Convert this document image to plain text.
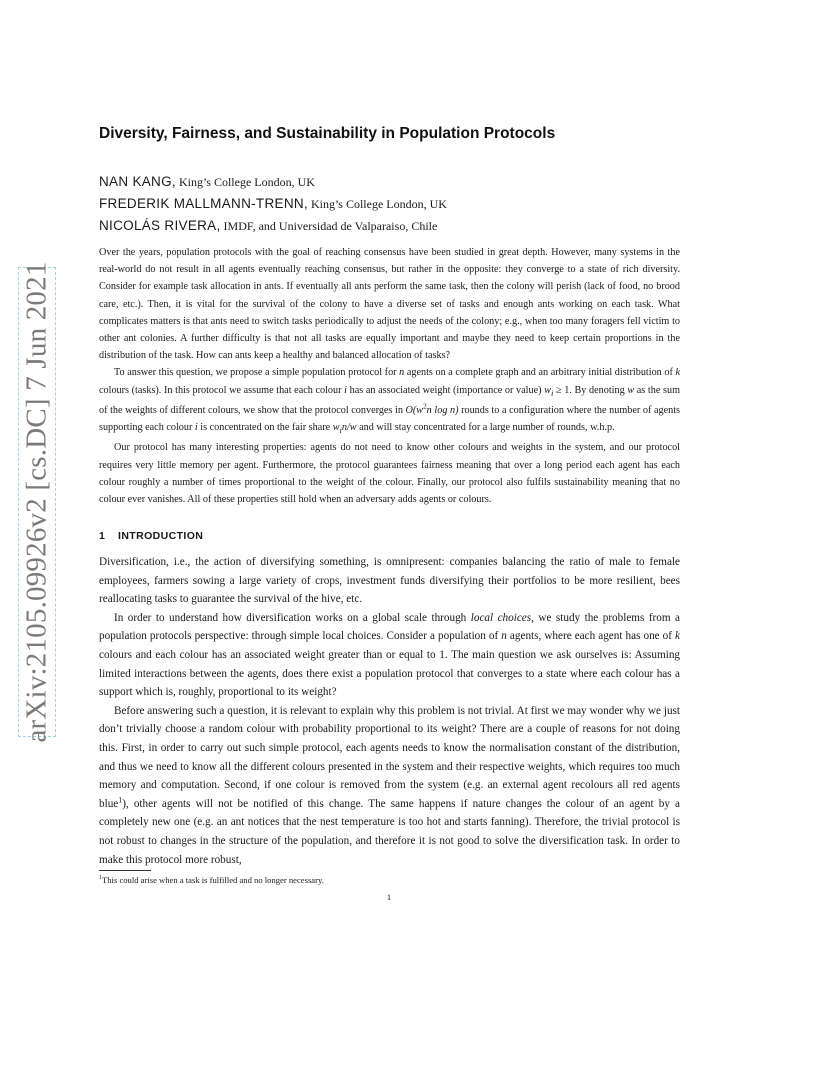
arXiv:2105.09926v2 [cs.DC] 7 Jun 2021
Diversity, Fairness, and Sustainability in Population Protocols
NAN KANG, King’s College London, UK
FREDERIK MALLMANN-TRENN, King’s College London, UK
NICOLÁS RIVERA, IMDF, and Universidad de Valparaiso, Chile

Over the years, population protocols with the goal of reaching consensus have been studied in great depth. However, many systems in the real-world do not result in all agents eventually reaching consensus, but rather in the opposite: they converge to a state of rich diversity. Consider for example task allocation in ants. If eventually all ants perform the same task, then the colony will perish (lack of food, no brood care, etc.). Then, it is vital for the survival of the colony to have a diverse set of tasks and enough ants working on each task. What complicates matters is that ants need to switch tasks periodically to adjust the needs of the colony; e.g., when too many foragers fell victim to other ant colonies. A further difficulty is that not all tasks are equally important and maybe they need to keep certain proportions in the distribution of the task. How can ants keep a healthy and balanced allocation of tasks?

To answer this question, we propose a simple population protocol for n agents on a complete graph and an arbitrary initial distribution of k colours (tasks). In this protocol we assume that each colour i has an associated weight (importance or value) $w_i \ge 1$. By denoting w as the sum of the weights of different colours, we show that the protocol converges in $O(w^2n$ log n) rounds to a configuration where the number of agents supporting each colour i is concentrated on the fair share $w_in/w$ and will stay concentrated for a large number of rounds, w.h.p.

Our protocol has many interesting properties: agents do not need to know other colours and weights in the system, and our protocol requires very little memory per agent. Furthermore, the protocol guarantees fairness meaning that over a long period each agent has each colour roughly a number of times proportional to the weight of the colour. Finally, our protocol also fulfils sustainability meaning that no colour ever vanishes. All of these properties still hold when an adversary adds agents or colours.

1 INTRODUCTION

Diversification, i.e., the action of diversifying something, is omnipresent: companies balancing the ratio of male to female employees, farmers sowing a large variety of crops, investment funds diversifying their portfolios to be more resilient, bees reallocating tasks to guarantee the survival of the hive, etc.

In order to understand how diversification works on a global scale through local choices, we study the problems from a population protocols perspective: through simple local choices. Consider a population of n agents, where each agent has one of k colours and each colour has an associated weight greater than or equal to 1. The main question we ask ourselves is: Assuming limited interactions between the agents, does there exist a population protocol that converges to a state where each colour has a support which is, roughly, proportional to its weight?

Before answering such a question, it is relevant to explain why this problem is not trivial. At first we may wonder why we just don’t trivially choose a random colour with probability proportional to its weight? There are a couple of reasons for not doing this. First, in order to carry out such simple protocol, each agents needs to know the normalisation constant of the distribution, and thus we need to know all the different colours presented in the system and their respective weights, which requires too much memory and computation. Second, if one colour is removed from the system (e.g. an external agent recolours all red agents blue$^1$), other agents will not be notified of this change. The same happens if nature changes the colour of an agent by a completely new one (e.g. an ant notices that the nest temperature is too hot and starts fanning). Therefore, the trivial protocol is not robust to changes in the structure of the population, and therefore it is not good to solve the diversification task. In order to make this protocol more robust,

$^1$This could arise when a task is fulfilled and no longer necessary.
1
